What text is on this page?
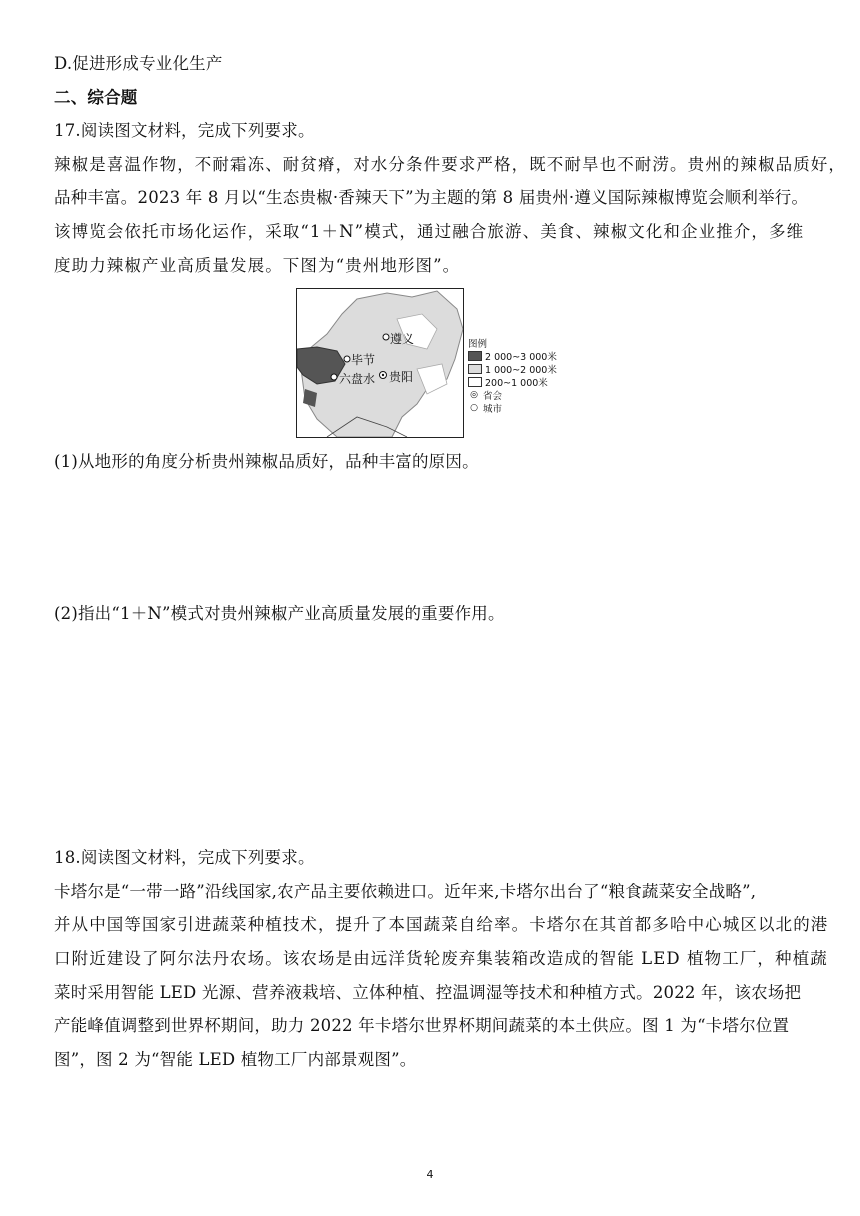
D.促进形成专业化生产
二、综合题
17.阅读图文材料，完成下列要求。
辣椒是喜温作物，不耐霜冻、耐贫瘠，对水分条件要求严格，既不耐旱也不耐涝。贵州的辣椒品质好，
品种丰富。2023 年 8 月以“生态贵椒·香辣天下”为主题的第 8 届贵州·遵义国际辣椒博览会顺利举行。
该博览会依托市场化运作，采取“1＋N”模式，通过融合旅游、美食、辣椒文化和企业推介，多维
度助力辣椒产业高质量发展。下图为“贵州地形图”。
遵义
毕节
六盘水 贵阳
图例
2 000~3 000米
1 000~2 000米
200~1 000米
◎ 省会
○ 城市
(1)从地形的角度分析贵州辣椒品质好，品种丰富的原因。
(2)指出“1＋N”模式对贵州辣椒产业高质量发展的重要作用。
18.阅读图文材料，完成下列要求。
卡塔尔是“一带一路”沿线国家,农产品主要依赖进口。近年来,卡塔尔出台了“粮食蔬菜安全战略”,
并从中国等国家引进蔬菜种植技术，提升了本国蔬菜自给率。卡塔尔在其首都多哈中心城区以北的港
口附近建设了阿尔法丹农场。该农场是由远洋货轮废弃集装箱改造成的智能 LED 植物工厂，种植蔬
菜时采用智能 LED 光源、营养液栽培、立体种植、控温调湿等技术和种植方式。2022 年，该农场把
产能峰值调整到世界杯期间，助力 2022 年卡塔尔世界杯期间蔬菜的本土供应。图 1 为“卡塔尔位置
图”，图 2 为“智能 LED 植物工厂内部景观图”。
4
